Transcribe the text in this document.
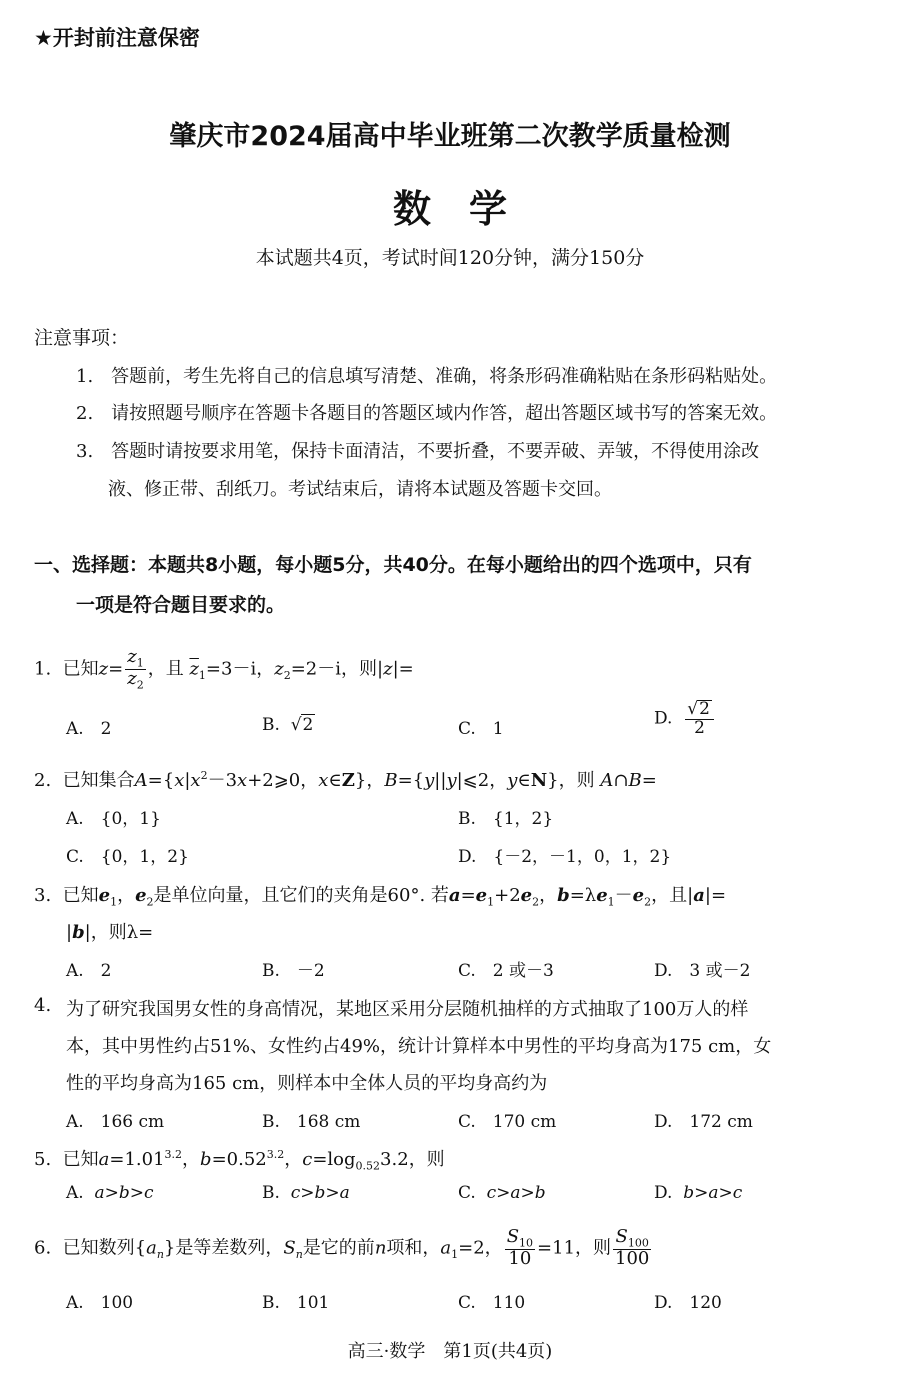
★开封前注意保密
肇庆市2024届高中毕业班第二次教学质量检测
数　学
本试题共4页，考试时间120分钟，满分150分
注意事项：
1.　答题前，考生先将自己的信息填写清楚、准确，将条形码准确粘贴在条形码粘贴处。
2.　请按照题号顺序在答题卡各题目的答题区域内作答，超出答题区域书写的答案无效。
3.　答题时请按要求用笔，保持卡面清洁，不要折叠，不要弄破、弄皱，不得使用涂改
液、修正带、刮纸刀。考试结束后，请将本试题及答题卡交回。
一、选择题：本题共8小题，每小题5分，共40分。在每小题给出的四个选项中，只有
一项是符合题目要求的。
1. 已知$z= \frac{z_1}{z_2}$ ，且 $\overline{z}_1=3-i$，$z_2=2-i$，则|z|=
A.　2	B.  √2	C.　1
D. $\frac{√2}{2}$
2. 已知集合$A=\{x|x^2-3x+2⩾0$，x∈Z}，B={y||y|⩽2，y∈N}，则 A∩B=
A.　{0，1}	B.　{1，2}
C.　{0，1，2}	D.　{－2，－1，0，1，2}
3. 已知$e_1$，$e_2$是单位向量，且它们的夹角是60°. 若$a=e_1+2e_2$，$b=\lambda e_1-e_2$，且|a|=
|b|，则λ=
A.　2	B.　－2	C.　2 或－3	D.　3 或－2
4. 为了研究我国男女性的身高情况，某地区采用分层随机抽样的方式抽取了100万人的样
本，其中男性约占51%、女性约占49%，统计计算样本中男性的平均身高为175 cm，女
性的平均身高为165 cm，则样本中全体人员的平均身高约为
A.　166 cm	B.　168 cm	C.　170 cm	D.　172 cm
5. 已知$a=1.01^{3.2}$，$b=0.52^{3.2}$，$c=\log_{0.52}3.2$，则
A. a>b>c	B. c>b>a	C. c>a>b	D. b>a>c
6. 已知数列$\{a_n\}$是等差数列，$S_n$是它的前n项和，$a_1=2$， $\frac{S_{10}}{10} =11$，则 $\frac{S_{100}}{100}$
A.　100	B.　101	C.　110	D.　120
高三·数学　第1页(共4页)
